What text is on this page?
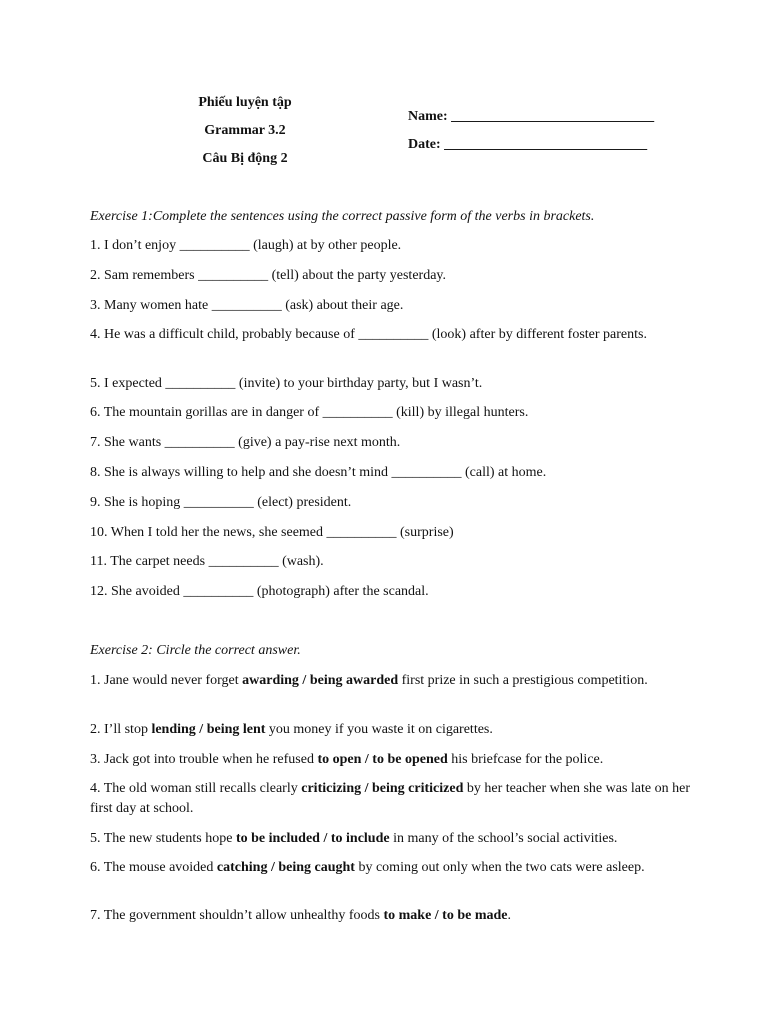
Phiếu luyện tập
Grammar 3.2
Câu Bị động 2
Name: _____________________________
Date: _____________________________
Exercise 1:Complete the sentences using the correct passive form of the verbs in brackets.
1. I don’t enjoy __________ (laugh) at by other people.
2. Sam remembers __________ (tell) about the party yesterday.
3. Many women hate __________ (ask) about their age.
4. He was a difficult child, probably because of __________ (look) after by different foster parents.
5. I expected __________ (invite) to your birthday party, but I wasn’t.
6. The mountain gorillas are in danger of __________ (kill) by illegal hunters.
7. She wants __________ (give) a pay-rise next month.
8. She is always willing to help and she doesn’t mind __________ (call) at home.
9. She is hoping __________ (elect) president.
10. When I told her the news, she seemed __________ (surprise)
11. The carpet needs __________ (wash).
12. She avoided __________ (photograph) after the scandal.
Exercise 2: Circle the correct answer.
1. Jane would never forget awarding / being awarded first prize in such a prestigious competition.
2. I’ll stop lending / being lent you money if you waste it on cigarettes.
3. Jack got into trouble when he refused to open / to be opened his briefcase for the police.
4. The old woman still recalls clearly criticizing / being criticized by her teacher when she was late on her first day at school.
5. The new students hope to be included / to include in many of the school’s social activities.
6. The mouse avoided catching / being caught by coming out only when the two cats were asleep.
7. The government shouldn’t allow unhealthy foods to make / to be made.
